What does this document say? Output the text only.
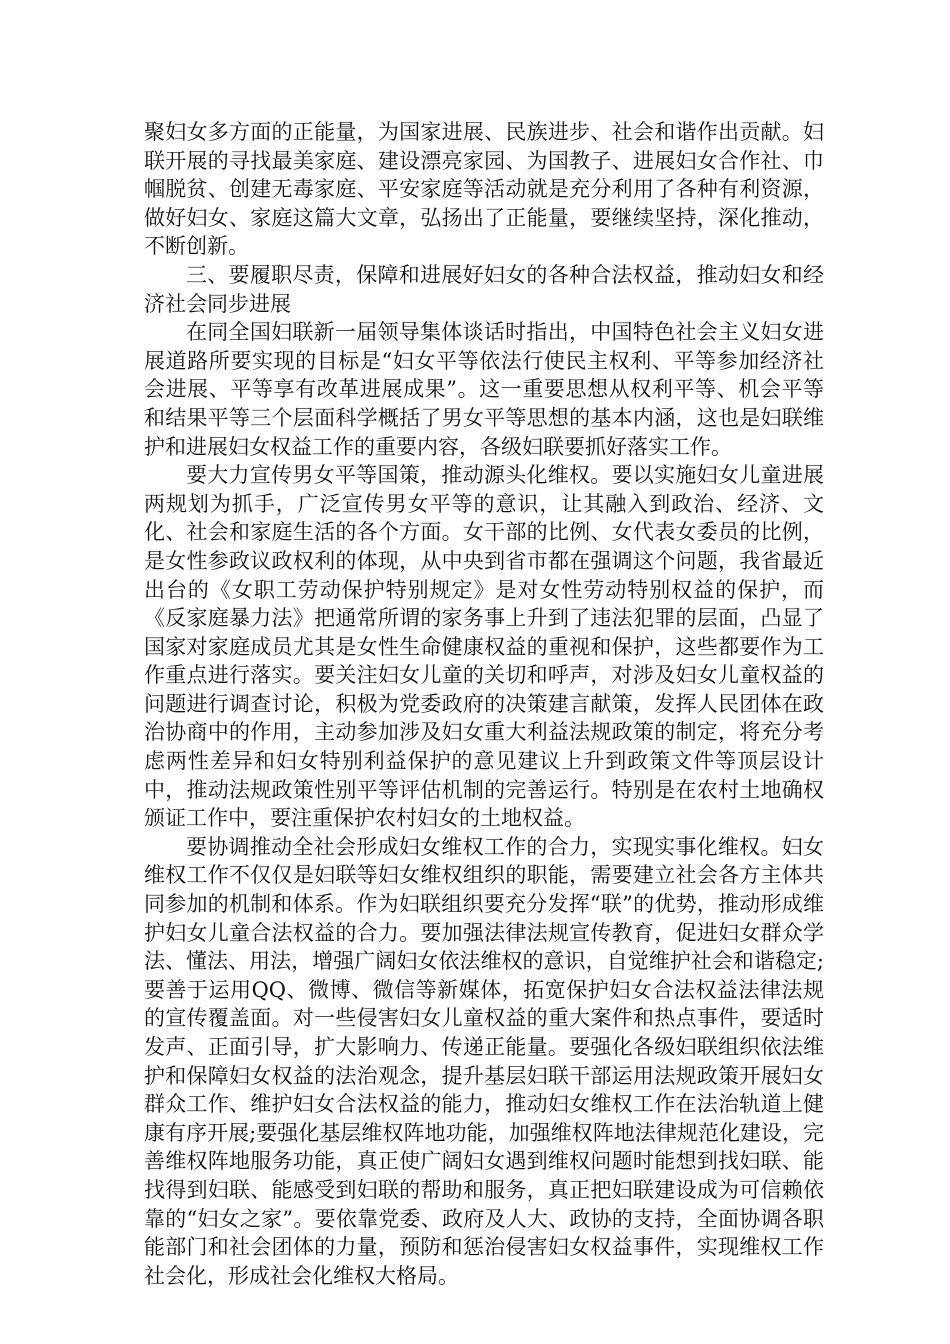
聚妇女多方面的正能量，为国家进展、民族进步、社会和谐作出贡献。妇联开展的寻找最美家庭、建设漂亮家园、为国教子、进展妇女合作社、巾帼脱贫、创建无毒家庭、平安家庭等活动就是充分利用了各种有利资源，做好妇女、家庭这篇大文章，弘扬出了正能量，要继续坚持，深化推动，不断创新。

三、要履职尽责，保障和进展好妇女的各种合法权益，推动妇女和经济社会同步进展

在同全国妇联新一届领导集体谈话时指出，中国特色社会主义妇女进展道路所要实现的目标是“妇女平等依法行使民主权利、平等参加经济社会进展、平等享有改革进展成果”。这一重要思想从权利平等、机会平等和结果平等三个层面科学概括了男女平等思想的基本内涵，这也是妇联维护和进展妇女权益工作的重要内容，各级妇联要抓好落实工作。

要大力宣传男女平等国策，推动源头化维权。要以实施妇女儿童进展两规划为抓手，广泛宣传男女平等的意识，让其融入到政治、经济、文化、社会和家庭生活的各个方面。女干部的比例、女代表女委员的比例，是女性参政议政权利的体现，从中央到省市都在强调这个问题，我省最近出台的《女职工劳动保护特别规定》是对女性劳动特别权益的保护，而《反家庭暴力法》把通常所谓的家务事上升到了违法犯罪的层面，凸显了国家对家庭成员尤其是女性生命健康权益的重视和保护，这些都要作为工作重点进行落实。要关注妇女儿童的关切和呼声，对涉及妇女儿童权益的问题进行调查讨论，积极为党委政府的决策建言献策，发挥人民团体在政治协商中的作用，主动参加涉及妇女重大利益法规政策的制定，将充分考虑两性差异和妇女特别利益保护的意见建议上升到政策文件等顶层设计中，推动法规政策性别平等评估机制的完善运行。特别是在农村土地确权颁证工作中，要注重保护农村妇女的土地权益。

要协调推动全社会形成妇女维权工作的合力，实现实事化维权。妇女维权工作不仅仅是妇联等妇女维权组织的职能，需要建立社会各方主体共同参加的机制和体系。作为妇联组织要充分发挥“联”的优势，推动形成维护妇女儿童合法权益的合力。要加强法律法规宣传教育，促进妇女群众学法、懂法、用法，增强广阔妇女依法维权的意识，自觉维护社会和谐稳定;要善于运用QQ、微博、微信等新媒体，拓宽保护妇女合法权益法律法规的宣传覆盖面。对一些侵害妇女儿童权益的重大案件和热点事件，要适时发声、正面引导，扩大影响力、传递正能量。要强化各级妇联组织依法维护和保障妇女权益的法治观念，提升基层妇联干部运用法规政策开展妇女群众工作、维护妇女合法权益的能力，推动妇女维权工作在法治轨道上健康有序开展;要强化基层维权阵地功能，加强维权阵地法律规范化建设，完善维权阵地服务功能，真正使广阔妇女遇到维权问题时能想到找妇联、能找得到妇联、能感受到妇联的帮助和服务，真正把妇联建设成为可信赖依靠的“妇女之家”。要依靠党委、政府及人大、政协的支持，全面协调各职能部门和社会团体的力量，预防和惩治侵害妇女权益事件，实现维权工作社会化，形成社会化维权大格局。
